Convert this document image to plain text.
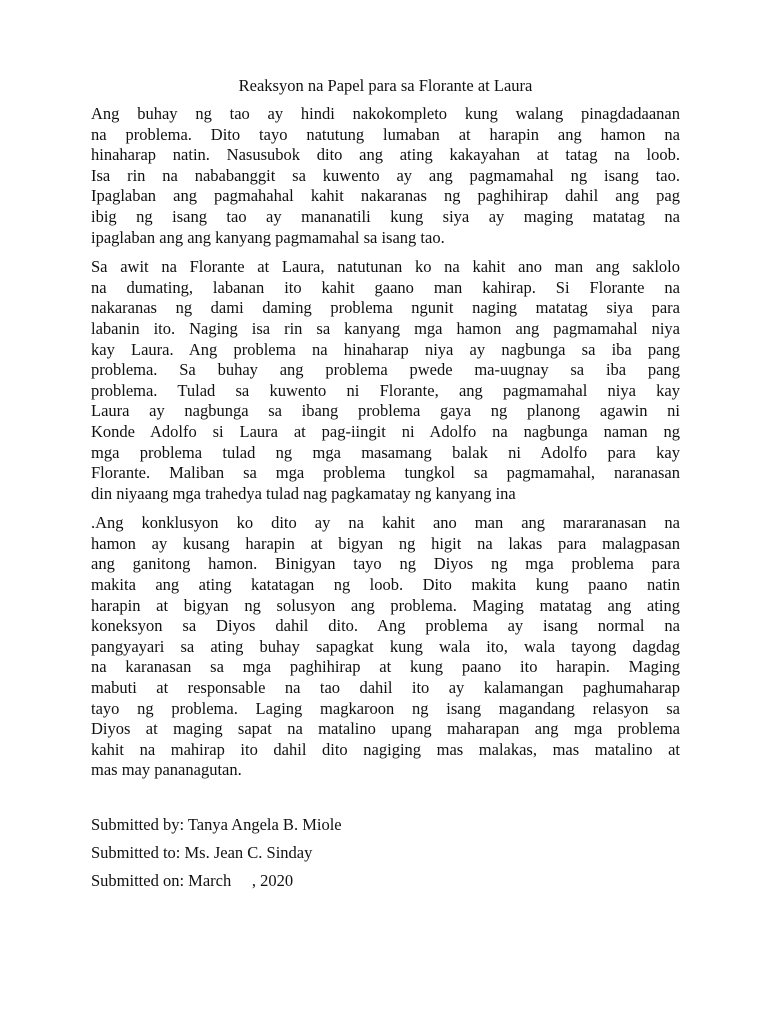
Reaksyon na Papel para sa Florante at Laura
Ang buhay ng tao ay hindi nakokompleto kung walang pinagdadaanan
na problema. Dito tayo natutung lumaban at harapin ang hamon na
hinaharap natin. Nasusubok dito ang ating kakayahan at tatag na loob.
Isa rin na nababanggit sa kuwento ay ang pagmamahal ng isang tao.
Ipaglaban ang pagmahahal kahit nakaranas ng paghihirap dahil ang pag
ibig ng isang tao ay mananatili kung siya ay maging matatag na
ipaglaban ang ang kanyang pagmamahal sa isang tao.
Sa awit na Florante at Laura, natutunan ko na kahit ano man ang saklolo
na dumating, labanan ito kahit gaano man kahirap. Si Florante na
nakaranas ng dami daming problema ngunit naging matatag siya para
labanin ito. Naging isa rin sa kanyang mga hamon ang pagmamahal niya
kay Laura. Ang problema na hinaharap niya ay nagbunga sa iba pang
problema. Sa buhay ang problema pwede ma-uugnay sa iba pang
problema. Tulad sa kuwento ni Florante, ang pagmamahal niya kay
Laura ay nagbunga sa ibang problema gaya ng planong agawin ni
Konde Adolfo si Laura at pag-iingit ni Adolfo na nagbunga naman ng
mga problema tulad ng mga masamang balak ni Adolfo para kay
Florante. Maliban sa mga problema tungkol sa pagmamahal, naranasan
din niyaang mga trahedya tulad nag pagkamatay ng kanyang ina
.Ang konklusyon ko dito ay na kahit ano man ang mararanasan na
hamon ay kusang harapin at bigyan ng higit na lakas para malagpasan
ang ganitong hamon. Binigyan tayo ng Diyos ng mga problema para
makita ang ating katatagan ng loob. Dito makita kung paano natin
harapin at bigyan ng solusyon ang problema. Maging matatag ang ating
koneksyon sa Diyos dahil dito. Ang problema ay isang normal na
pangyayari sa ating buhay sapagkat kung wala ito, wala tayong dagdag
na karanasan sa mga paghihirap at kung paano ito harapin. Maging
mabuti at responsable na tao dahil ito ay kalamangan paghumaharap
tayo ng problema. Laging magkaroon ng isang magandang relasyon sa
Diyos at maging sapat na matalino upang maharapan ang mga problema
kahit na mahirap ito dahil dito nagiging mas malakas, mas matalino at
mas may pananagutan.
Submitted by: Tanya Angela B. Miole
Submitted to: Ms. Jean C. Sinday
Submitted on: March     , 2020
